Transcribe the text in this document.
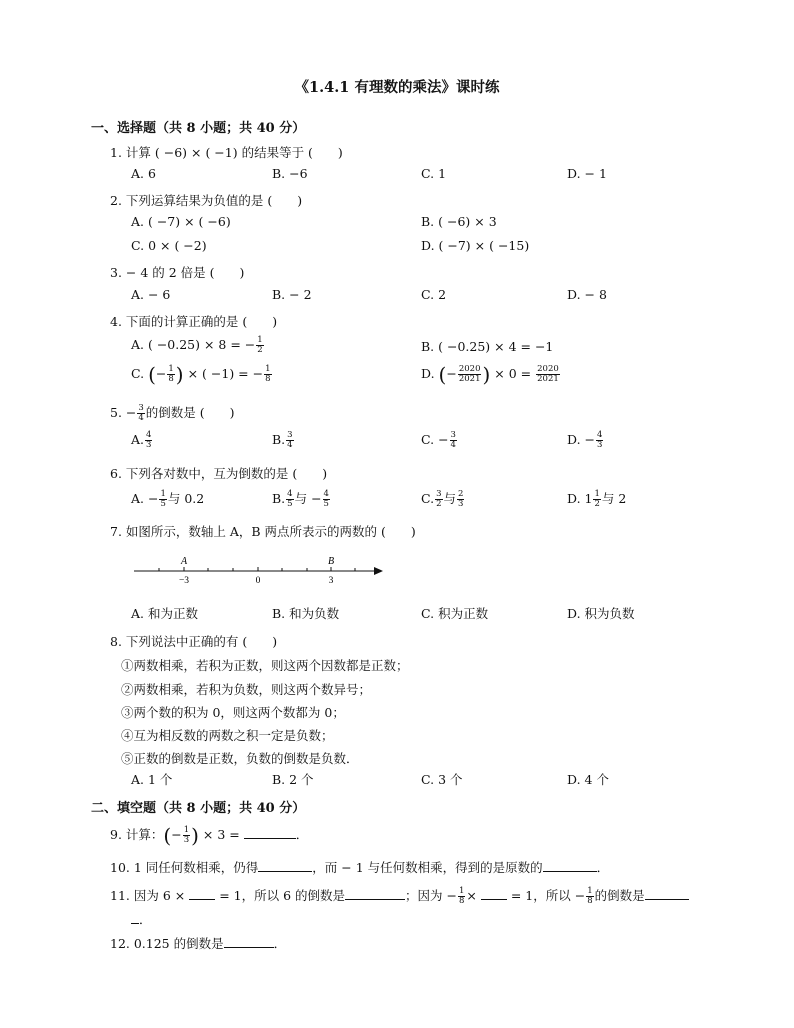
《1.4.1 有理数的乘法》课时练
一、选择题（共 8 小题；共 40 分）
1. 计算 ( −6) × ( −1) 的结果等于 (　　)
A. 6	B. −6	C. 1	D. − 1
2. 下列运算结果为负值的是 (　　)
A. ( −7) × ( −6)	B. ( −6) × 3
C. 0 × ( −2)	D. ( −7) × ( −15)
3. − 4 的 2 倍是 (　　)
A. − 6	B. − 2	C. 2	D. − 8
4. 下面的计算正确的是 (　　)
A. ( −0.25) × 8 = − $\frac{1}{2}$	B. ( −0.25) × 4 = −1
C. (− $\frac{1}{8}$ ) × ( −1) = − $\frac{1}{8}$	D. (− $\frac{2020}{2021}$ ) × $0 = \frac{2020}{2021}$
5. − $\frac{3}{4}$ 的倒数是 (　　)
A. $\frac{4}{3}$	B. $\frac{3}{4}$	C. − $\frac{3}{4}$	D. − $\frac{4}{3}$
6. 下列各对数中，互为倒数的是 (　　)
A. − $\frac{1}{5}$ 与 0.2	B. $\frac{4}{5}$ 与 − $\frac{4}{5}$	C. $\frac{3}{2}$ 与 $\frac{2}{3}$	D. $1 \frac{1}{2}$ 与 2
7. 如图所示，数轴上 A，B 两点所表示的两数的 (　　)
A	B
−3	0	3
A. 和为正数	B. 和为负数	C. 积为正数	D. 积为负数
8. 下列说法中正确的有 (　　)
①两数相乘，若积为正数，则这两个因数都是正数；
②两数相乘，若积为负数，则这两个数异号；
③两个数的积为 0，则这两个数都为 0；
④互为相反数的两数之积一定是负数；
⑤正数的倒数是正数，负数的倒数是负数．
A. 1 个	B. 2 个	C. 3 个	D. 4 个
二、填空题（共 8 小题；共 40 分）
9. 计算：(− $\frac{1}{3}$ ) × 3 =	．
10. 1 同任何数相乘，仍得	，而 − 1 与任何数相乘，得到的是原数的	．
11. 因为 6 ×	= 1，所以 6 的倒数是	；因为 − $\frac{1}{8}$ ×	= 1，所以 − $\frac{1}{8}$ 的倒数是
．
12. 0.125 的倒数是	．
